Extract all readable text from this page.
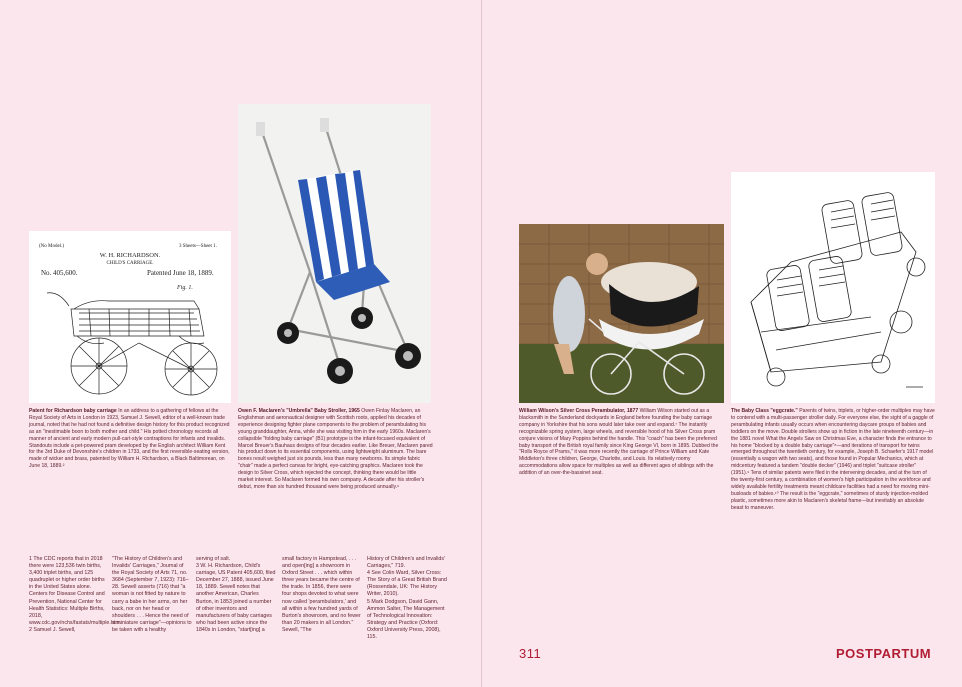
(No Model.)	3 Sheets—Sheet 1.
W. H. RICHARDSON.
CHILD'S CARRIAGE.
No. 405,600.	Patented June 18, 1889.
Fig. 1.

Patent for Richardson baby carriage In an address to a gathering of fellows at the Royal Society of Arts in London in 1923, Samuel J. Sewell, editor of a well-known trade journal, noted that he had not found a definitive design history for this product recognized as an "inestimable boon to both mother and child." His potted chronology records all manner of ancient and early modern pull-cart-style contraptions for infants and invalids. Standouts include a pet-powered pram developed by the English architect William Kent for the 3rd Duke of Devonshire's children in 1733, and the first reversible-seating version, made of wicker and brass, patented by William H. Richardson, a Black Baltimorean, on June 18, 1889.²

Owen F. Maclaren's "Umbrella" Baby Stroller, 1965 Owen Finlay Maclaren, an Englishman and aeronautical designer with Scottish roots, applied his decades of experience designing fighter plane components to the problem of perambulating his young granddaughter, Anna, while she was visiting him in the early 1960s. Maclaren's collapsible "folding baby carriage" (B1) prototype is the infant-focused equivalent of Marcel Breuer's Bauhaus designs of four decades earlier. Like Breuer, Maclaren pared his product down to its essential components, using lightweight aluminum. The bare bones result weighed just six pounds, less than many newborns. Its simple fabric "chair" made a perfect canvas for bright, eye-catching graphics. Maclaren took the design to Silver Cross, which rejected the concept, thinking there would be little market interest. So Maclaren formed his own company. A decade after his stroller's debut, more than six hundred thousand were being produced annually.⁶

William Wilson's Silver Cross Perambulator, 1877 William Wilson started out as a blacksmith in the Sunderland dockyards in England before founding the baby carriage company in Yorkshire that his sons would later take over and expand.⁷ The instantly recognizable spring system, large wheels, and reversible hood of his Silver Cross pram conjure visions of Mary Poppins behind the handle. This "coach" has been the preferred baby transport of the British royal family since King George VI, born in 1895. Dubbed the "Rolls Royce of Prams," it was more recently the carriage of Prince William and Kate Middleton's three children, George, Charlotte, and Louis. Its relatively roomy accommodations allow space for multiples as well as different ages of siblings with the addition of an over-the-bassinet seat.

The Baby Class "eggcrate." Parents of twins, triplets, or higher-order multiples may have to contend with a multi-passenger stroller daily. For everyone else, the sight of a gaggle of perambulating infants usually occurs when encountering daycare groups of babies and toddlers on the move. Double strollers show up in fiction in the late nineteenth century—in the 1881 novel What the Angels Saw on Christmas Eve, a character finds the entrance to his home "blocked by a double baby carriage"⁸—and iterations of transport for twins emerged throughout the twentieth century, for example, Joseph B. Schaefer's 1917 model (essentially a wagon with two seats), and those found in Popular Mechanics, which at midcentury featured a tandem "double decker" (1946) and triplet "suitcase stroller" (1951).⁹ Tens of similar patents were filed in the intervening decades, and at the turn of the twenty-first century, a combination of women's high participation in the workforce and widely available fertility treatments meant childcare facilities had a need for moving mini-busloads of babies.¹⁰ The result is the "eggcrate," sometimes of sturdy injection-molded plastic, sometimes more akin to Maclaren's skeletal frame—but inevitably an absolute beast to maneuver.

1 The CDC reports that in 2018 there were 123,536 twin births, 3,400 triplet births, and 125 quadruplet or higher order births in the United States alone. Centers for Disease Control and Prevention, National Center for Health Statistics: Multiple Births, 2018, www.cdc.gov/nchs/fastats/multiple.htm.
2 Samuel J. Sewell,

"The History of Children's and Invalids' Carriages," Journal of the Royal Society of Arts 71, no. 3684 (September 7, 1923): 716–28. Sewell asserts (716) that "a woman is not fitted by nature to carry a babe in her arms, on her back, nor on her head or shoulders . . . Hence the need of a miniature carriage"—opinions to be taken with a healthy

serving of salt.
3 W. H. Richardson, Child's carriage, US Patent 405,600, filed December 27, 1888, issued June 18, 1889. Sewell notes that another American, Charles Burton, in 1853 joined a number of other inventors and manufacturers of baby carriages who had been active since the 1840s in London, "start[ing] a

small factory in Hampstead, . . . and open[ing] a showroom in Oxford Street . . . which within three years became the centre of the trade. In 1856, there were four shops devoted to what were now called 'perambulators,' and all within a few hundred yards of Burton's showroom, and no fewer than 20 makers in all London." Sewell, "The

History of Children's and Invalids' Carriages," 719.
4 See Colin Ward, Silver Cross: The Story of a Great British Brand (Rossendale, UK: The History Writer, 2010).
5 Mark Dodgson, David Gann, Ammon Salter, The Management of Technological Innovation: Strategy and Practice (Oxford: Oxford University Press, 2008), 115.

311	POSTPARTUM
